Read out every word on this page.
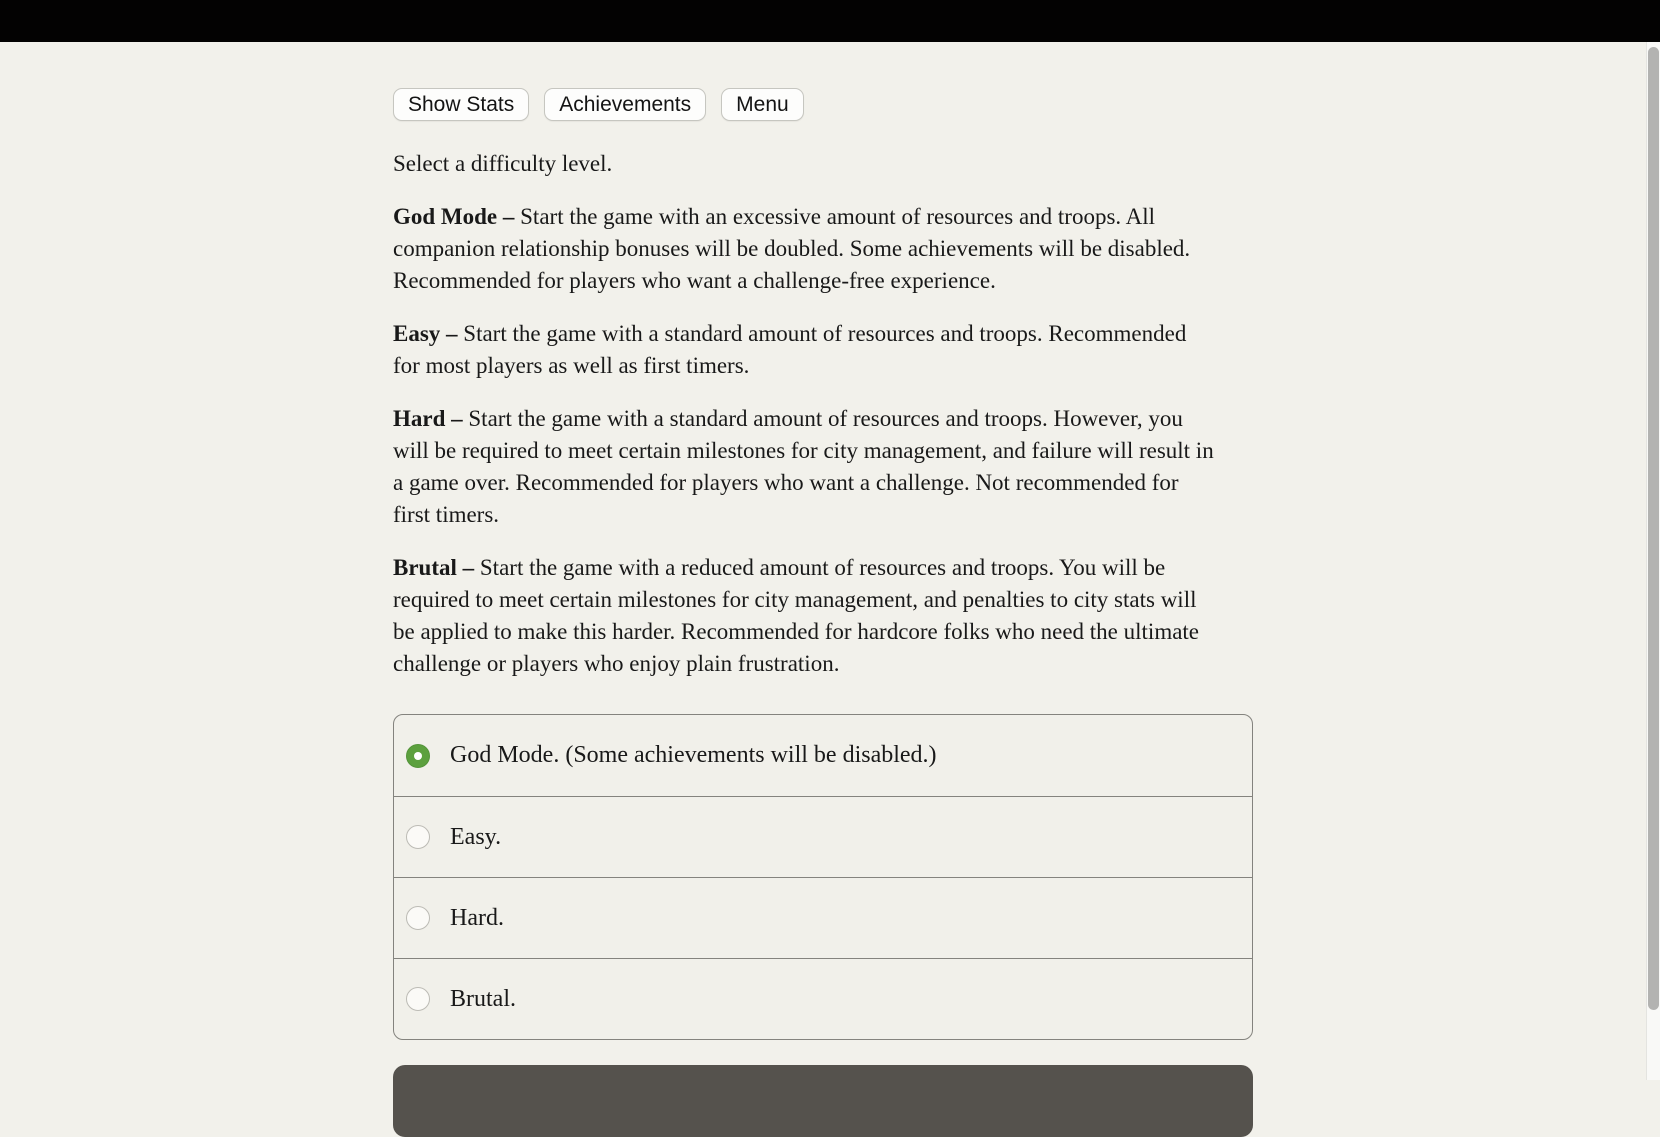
Show Stats	Achievements	Menu

Select a difficulty level.

God Mode – Start the game with an excessive amount of resources and troops. All companion relationship bonuses will be doubled. Some achievements will be disabled. Recommended for players who want a challenge-free experience.

Easy – Start the game with a standard amount of resources and troops. Recommended for most players as well as first timers.

Hard – Start the game with a standard amount of resources and troops. However, you will be required to meet certain milestones for city management, and failure will result in a game over. Recommended for players who want a challenge. Not recommended for first timers.

Brutal – Start the game with a reduced amount of resources and troops. You will be required to meet certain milestones for city management, and penalties to city stats will be applied to make this harder. Recommended for hardcore folks who need the ultimate challenge or players who enjoy plain frustration.

God Mode. (Some achievements will be disabled.)
Easy.
Hard.
Brutal.
